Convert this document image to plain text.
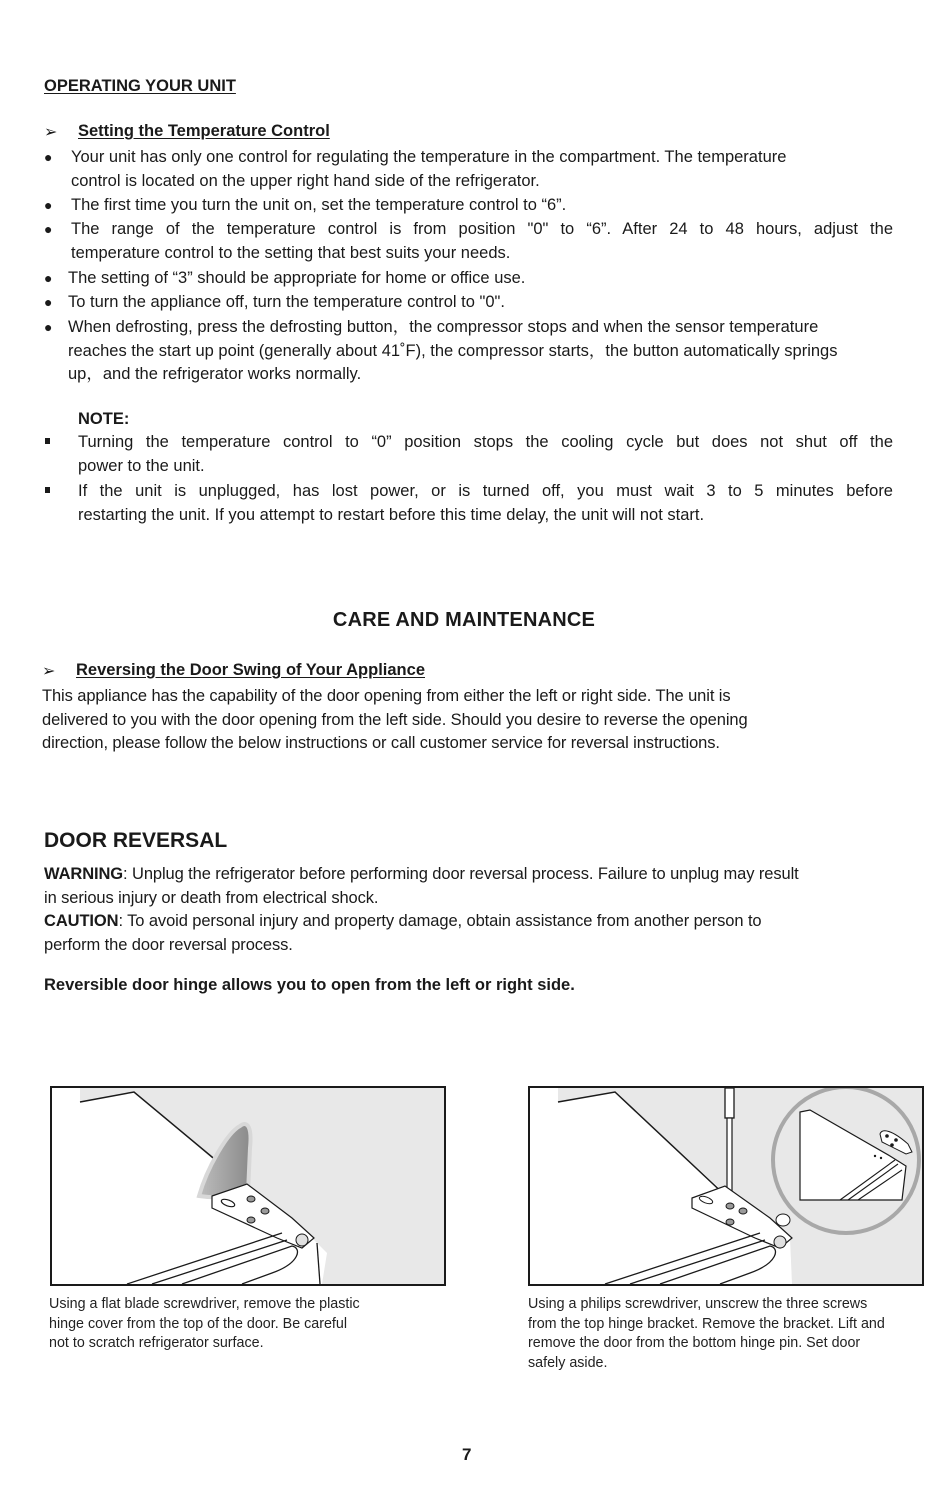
OPERATING YOUR UNIT
➢ Setting the Temperature Control
● Your unit has only one control for regulating the temperature in the compartment. The temperature
control is located on the upper right hand side of the refrigerator.
● The first time you turn the unit on, set the temperature control to “6”.
● The range of the temperature control is from position "0" to “6”. After 24 to 48 hours, adjust the
temperature control to the setting that best suits your needs.
● The setting of “3” should be appropriate for home or office use.
● To turn the appliance off, turn the temperature control to "0".
● When defrosting, press the defrosting button，the compressor stops and when the sensor temperature
reaches the start up point (generally about 41˚F), the compressor starts，the button automatically springs
up，and the refrigerator works normally.
NOTE:
Turning the temperature control to “0” position stops the cooling cycle but does not shut off the
power to the unit.
If the unit is unplugged, has lost power, or is turned off, you must wait 3 to 5 minutes before
restarting the unit. If you attempt to restart before this time delay, the unit will not start.
CARE AND MAINTENANCE
➢ Reversing the Door Swing of Your Appliance
This appliance has the capability of the door opening from either the left or right side. The unit is
delivered to you with the door opening from the left side. Should you desire to reverse the opening
direction, please follow the below instructions or call customer service for reversal instructions.
DOOR REVERSAL
WARNING: Unplug the refrigerator before performing door reversal process. Failure to unplug may result
in serious injury or death from electrical shock.
CAUTION: To avoid personal injury and property damage, obtain assistance from another person to
perform the door reversal process.
Reversible door hinge allows you to open from the left or right side.
Using a flat blade screwdriver, remove the plastic
hinge cover from the top of the door. Be careful
not to scratch refrigerator surface.
Using a philips screwdriver, unscrew the three screws
from the top hinge bracket. Remove the bracket. Lift and
remove the door from the bottom hinge pin. Set door
safely aside.
7
